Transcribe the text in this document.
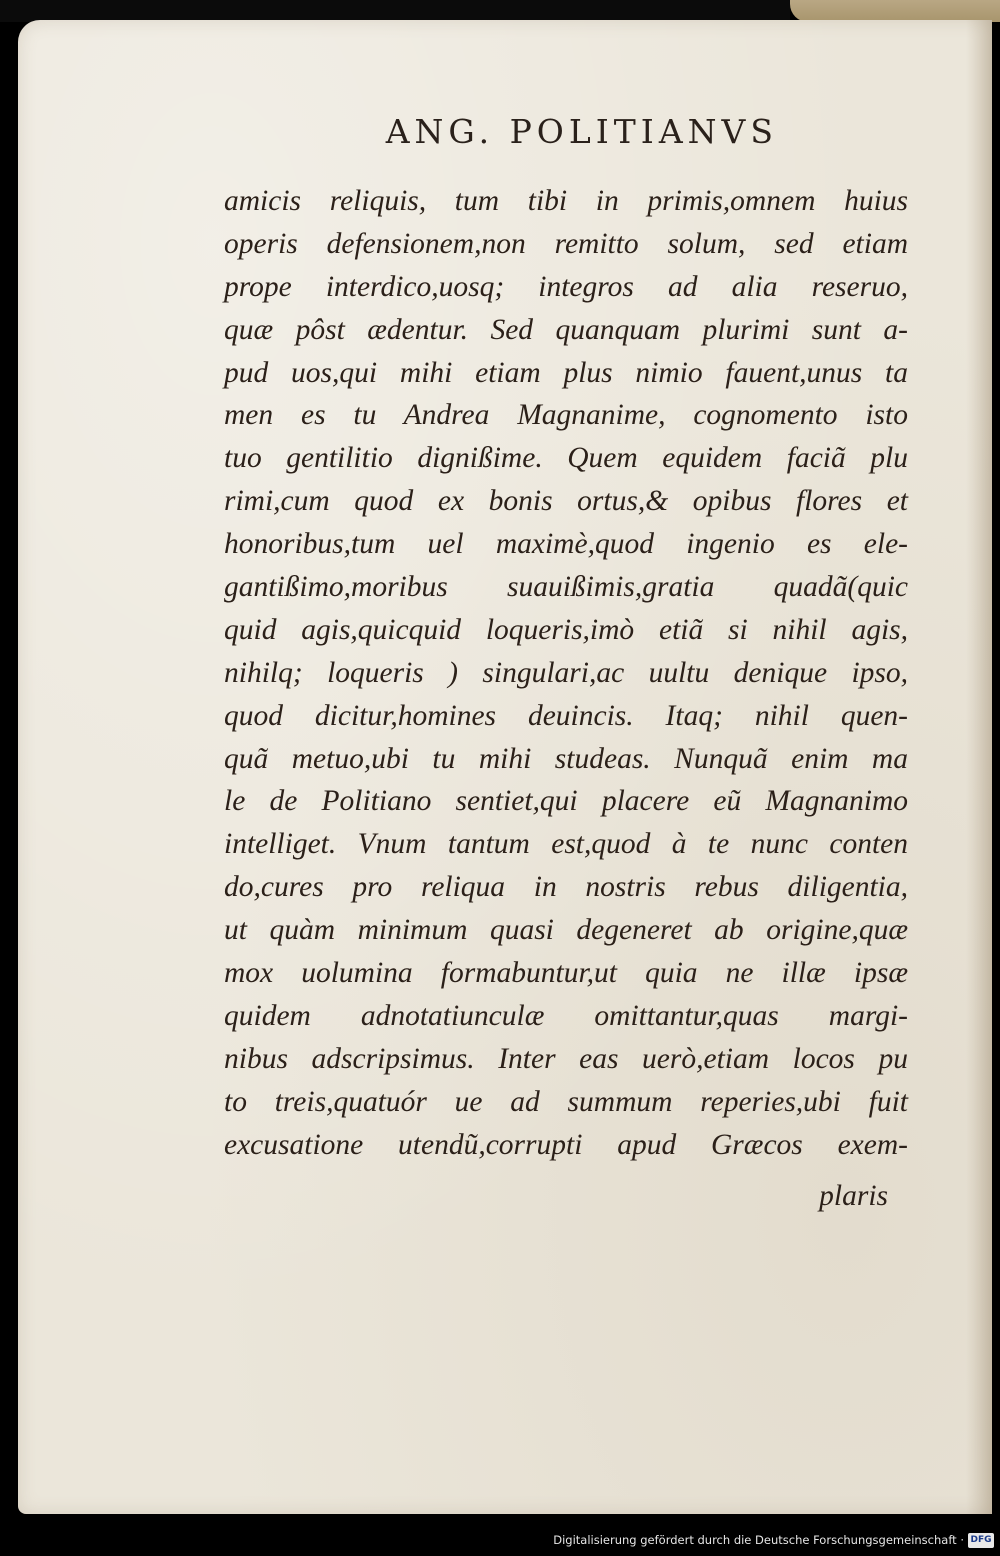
ANG. POLITIANVS
amicis reliquis, tum tibi in primis,omnem huius
operis defensionem,non remitto solum, sed etiam
prope interdico,uosq; integros ad alia reseruo,
quæ pôst ædentur. Sed quanquam plurimi sunt a-
pud uos,qui mihi etiam plus nimio fauent,unus ta
men es tu Andrea Magnanime, cognomento isto
tuo gentilitio dignißime. Quem equidem faciã plu
rimi,cum quod ex bonis ortus,& opibus flores et
honoribus,tum uel maximè,quod ingenio es ele-
gantißimo,moribus suauißimis,gratia quadã(quic
quid agis,quicquid loqueris,imò etiã si nihil agis,
nihilq; loqueris ) singulari,ac uultu denique ipso,
quod dicitur,homines deuincis. Itaq; nihil quen-
quã metuo,ubi tu mihi studeas. Nunquã enim ma
le de Politiano sentiet,qui placere eũ Magnanimo
intelliget. Vnum tantum est,quod à te nunc conten
do,cures pro reliqua in nostris rebus diligentia,
ut quàm minimum quasi degeneret ab origine,quæ
mox uolumina formabuntur,ut quia ne illæ ipsæ
quidem adnotatiunculæ omittantur,quas margi-
nibus adscripsimus. Inter eas uerò,etiam locos pu
to treis,quatuór ue ad summum reperies,ubi fuit
excusatione utendũ,corrupti apud Græcos exem-
plaris
Digitalisierung gefördert durch die Deutsche Forschungsgemeinschaft · DFG
